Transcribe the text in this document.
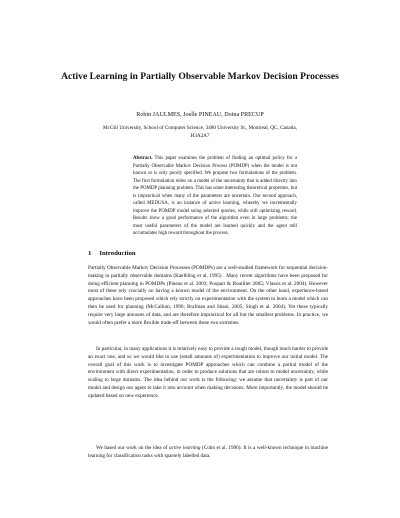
Active Learning in Partially Observable Markov Decision Processes
Robin JAULMES, Joelle PINEAU, Doina PRECUP
McGill University, School of Computer Science, 3480 University St., Montreal, QC, Canada,
H3A2A7

Abstract. This paper examines the problem of finding an optimal policy for a Partially Observable Markov Decision Process (POMDP) when the model is not known or is only poorly specified. We propose two formulations of the problem. The first formulation relies on a model of the uncertainty that is added directly into the POMDP planning problem. This has some interesting theoretical properties, but is impractical when many of the parameters are uncertain. Our second approach, called MEDUSA, is an instance of active learning, whereby we incrementally improve the POMDP model using selected queries, while still optimizing reward. Results show a good performance of the algorithm even in large problems: the most useful parameters of the model are learned quickly and the agent still accumulates high reward throughout the process.

1 Introduction

Partially Observable Markov Decision Processes (POMDPs) are a well-studied framework for sequential decision-making in partially observable domains (Kaelbling et al, 1995) . Many recent algorithms have been proposed for doing efficient planning in POMDPs (Pineau et al. 2003; Poupart & Boutilier 2005; Vlassis et al. 2004). However most of these rely crucially on having a known model of the environment. On the other hand, experience-based approaches have been proposed which rely strictly on experimentation with the system to learn a model which can then be used for planning (McCallum, 1996; Brafman and Shani, 2005; Singh et al. 2004). Yet these typically require very large amounts of data, and are therefore impractical for all but the smallest problems. In practice, we would often prefer a more flexible trade-off between these two extremes.

In particular, in many applications it is relatively easy to provide a rough model, though much harder to provide an exact one, and so we would like to use (small amounts of) experimentation to improve our initial model. The overall goal of this work is to investigate POMDP approaches which can combine a partial model of the environment with direct experimentation, in order to produce solutions that are robust to model uncertainty, while scaling to large domains. The idea behind our work is the following: we assume that uncertainty is part of our model and design our agent to take it into account when making decisions. More importantly, the model should be updated based on new experience.

We based our work on the idea of active learning (Cohn et al. 1996). It is a well-known technique in machine learning for classification tasks with sparsely labelled data.
